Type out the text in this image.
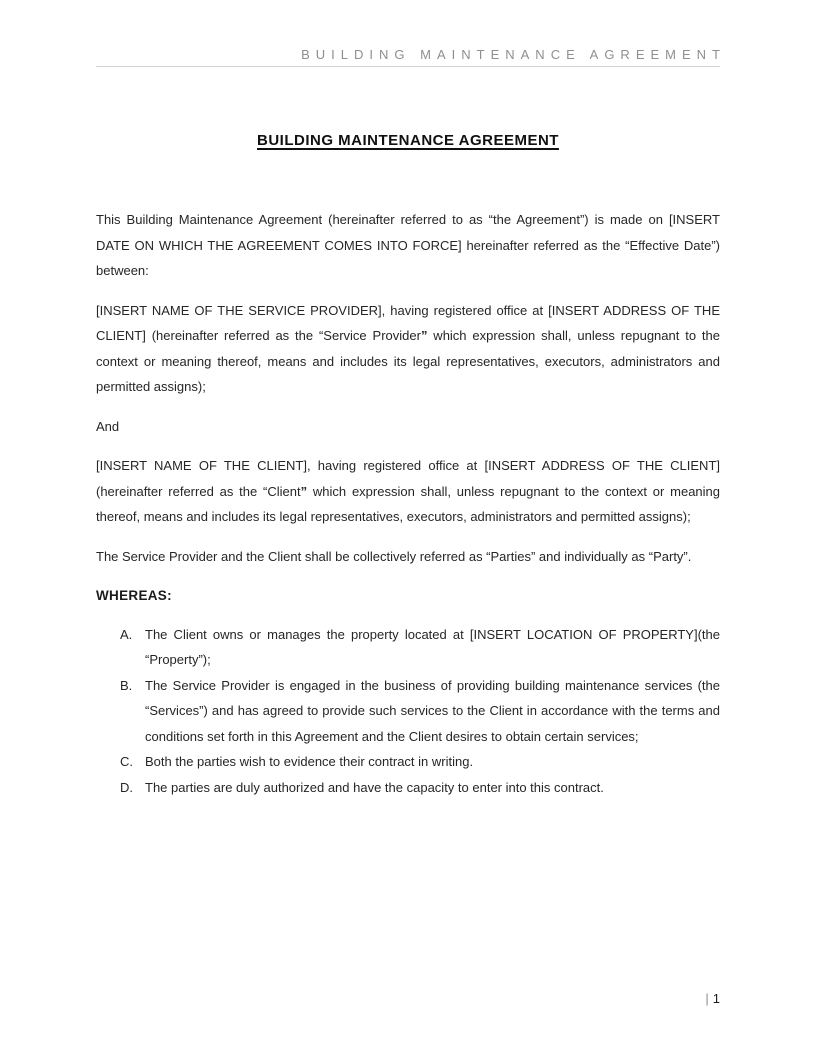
BUILDING MAINTENANCE AGREEMENT
BUILDING MAINTENANCE AGREEMENT

This Building Maintenance Agreement (hereinafter referred to as “the Agreement”) is made on [INSERT DATE ON WHICH THE AGREEMENT COMES INTO FORCE] hereinafter referred as the “Effective Date”) between:

[INSERT NAME OF THE SERVICE PROVIDER], having registered office at [INSERT ADDRESS OF THE CLIENT] (hereinafter referred as the “Service Provider” which expression shall, unless repugnant to the context or meaning thereof, means and includes its legal representatives, executors, administrators and permitted assigns);

And

[INSERT NAME OF THE CLIENT], having registered office at [INSERT ADDRESS OF THE CLIENT] (hereinafter referred as the “Client” which expression shall, unless repugnant to the context or meaning thereof, means and includes its legal representatives, executors, administrators and permitted assigns);

The Service Provider and the Client shall be collectively referred as “Parties” and individually as “Party”.

WHEREAS:

A. The Client owns or manages the property located at [INSERT LOCATION OF PROPERTY](the “Property”);
B. The Service Provider is engaged in the business of providing building maintenance services (the “Services”) and has agreed to provide such services to the Client in accordance with the terms and conditions set forth in this Agreement and the Client desires to obtain certain services;
C. Both the parties wish to evidence their contract in writing.
D. The parties are duly authorized and have the capacity to enter into this contract.
| 1
